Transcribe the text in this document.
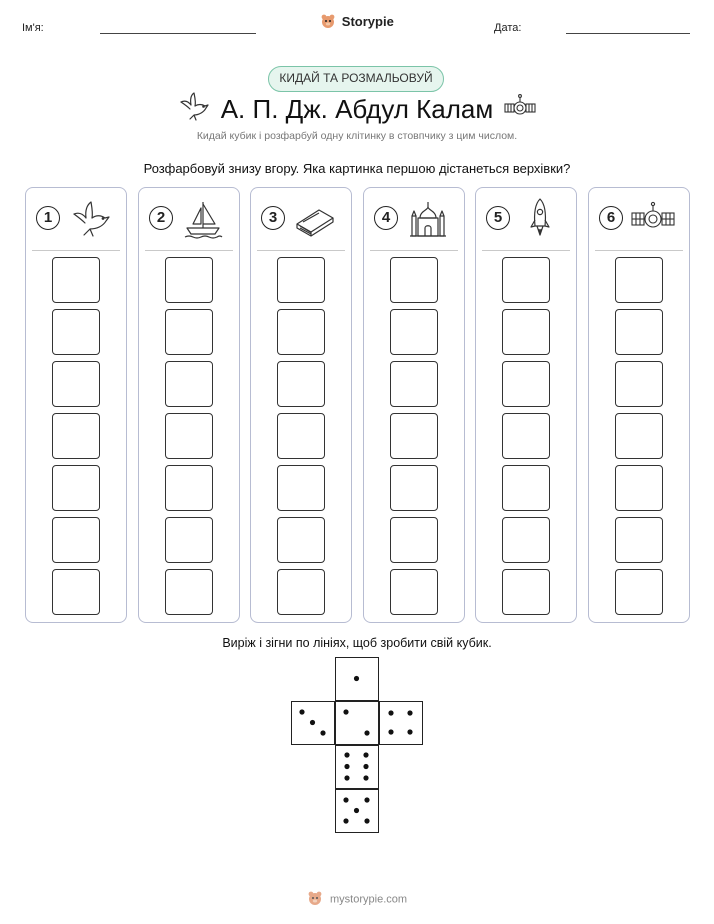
Ім'я:	Storypie	Дата:
КИДАЙ ТА РОЗМАЛЬОВУЙ
А. П. Дж. Абдул Калам
Кидай кубик і розфарбуй одну клітинку в стовпчику з цим числом.
Розфарбовуй знизу вгору. Яка картинка першою дістанеться верхівки?
1	2	3	4	5	6
Виріж і зігни по лініях, щоб зробити свій кубик.
mystorypie.com
